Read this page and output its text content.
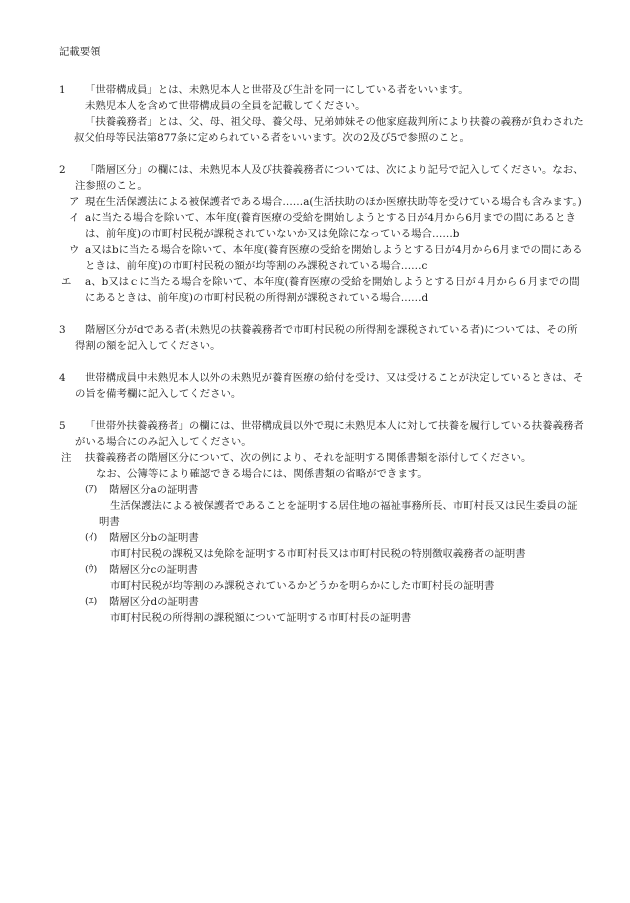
記載要領

1 「世帯構成員」とは、未熟児本人と世帯及び生計を同一にしている者をいいます。

未熟児本人を含めて世帯構成員の全員を記載してください。

「扶養義務者」とは、父、母、祖父母、養父母、兄弟姉妹その他家庭裁判所により扶養の義務が負わされた叔父伯母等民法第877条に定められている者をいいます。次の2及び5で参照のこと。

2 「階層区分」の欄には、未熟児本人及び扶養義務者については、次により記号で記入してください。なお、注参照のこと。

ア 現在生活保護法による被保護者である場合……a(生活扶助のほか医療扶助等を受けている場合も含みます。)

イ aに当たる場合を除いて、本年度(養育医療の受給を開始しようとする日が4月から6月までの間にあるときは、前年度)の市町村民税が課税されていないか又は免除になっている場合……b

ウ a又はbに当たる場合を除いて、本年度(養育医療の受給を開始しようとする日が4月から6月までの間にあるときは、前年度)の市町村民税の額が均等割のみ課税されている場合……c

エ a、b又はｃに当たる場合を除いて、本年度(養育医療の受給を開始しようとする日が４月から６月までの間にあるときは、前年度)の市町村民税の所得割が課税されている場合……d

3 階層区分がdである者(未熟児の扶養義務者で市町村民税の所得割を課税されている者)については、その所得割の額を記入してください。

4 世帯構成員中未熟児本人以外の未熟児が養育医療の給付を受け、又は受けることが決定しているときは、その旨を備考欄に記入してください。

5 「世帯外扶養義務者」の欄には、世帯構成員以外で現に未熟児本人に対して扶養を履行している扶養義務者がいる場合にのみ記入してください。

注 扶養義務者の階層区分について、次の例により、それを証明する関係書類を添付してください。

なお、公簿等により確認できる場合には、関係書類の省略ができます。

(ｱ) 階層区分aの証明書

生活保護法による被保護者であることを証明する居住地の福祉事務所長、市町村長又は民生委員の証明書

(ｲ) 階層区分bの証明書

市町村民税の課税又は免除を証明する市町村長又は市町村民税の特別徴収義務者の証明書

(ｳ) 階層区分cの証明書

市町村民税が均等割のみ課税されているかどうかを明らかにした市町村長の証明書

(ｴ) 階層区分dの証明書

市町村民税の所得割の課税額について証明する市町村長の証明書
